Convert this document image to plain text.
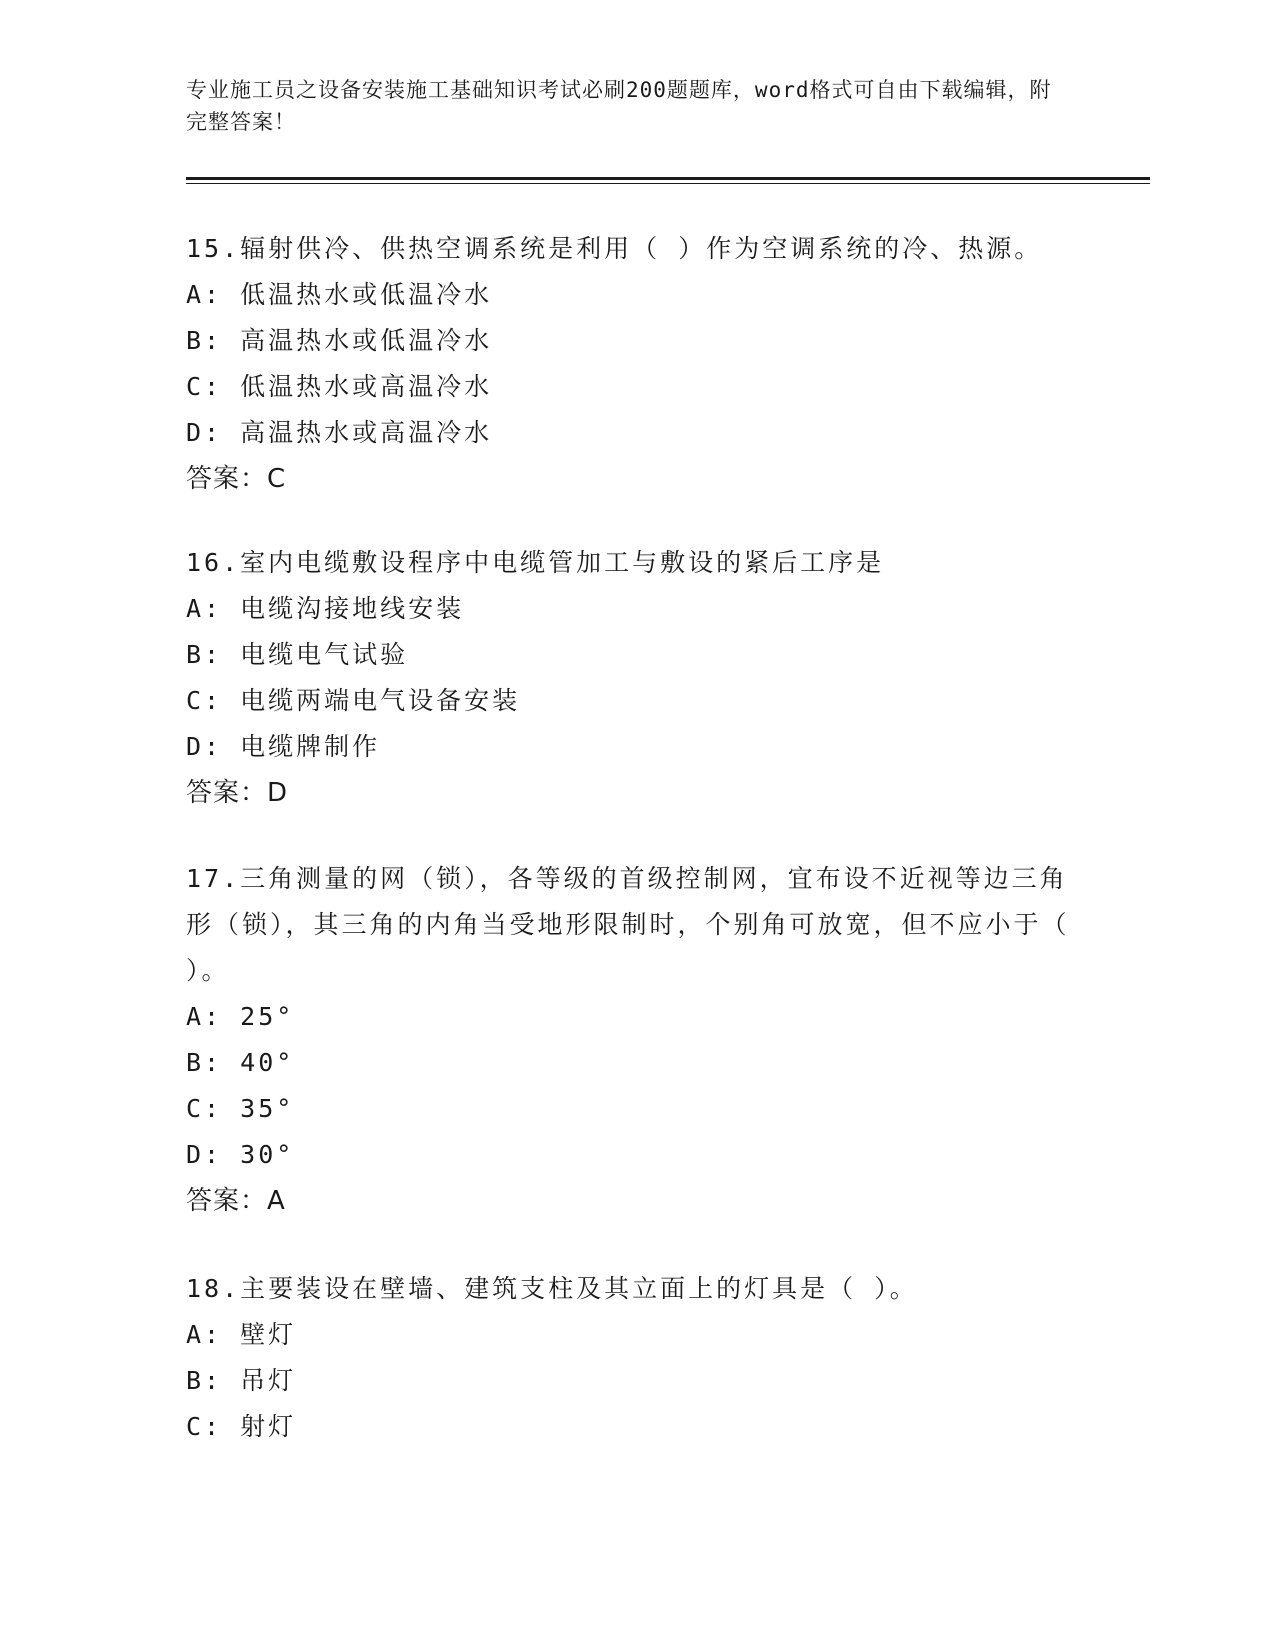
专业施工员之设备安装施工基础知识考试必刷200题题库，word格式可自由下载编辑，附完整答案！
15.辐射供冷、供热空调系统是利用（ ）作为空调系统的冷、热源。
A: 低温热水或低温冷水
B: 高温热水或低温冷水
C: 低温热水或高温冷水
D: 高温热水或高温冷水
答案：C
16.室内电缆敷设程序中电缆管加工与敷设的紧后工序是
A: 电缆沟接地线安装
B: 电缆电气试验
C: 电缆两端电气设备安装
D: 电缆牌制作
答案：D
17.三角测量的网（锁），各等级的首级控制网，宜布设不近视等边三角形（锁），其三角的内角当受地形限制时，个别角可放宽，但不应小于（ ）。
A: 25°
B: 40°
C: 35°
D: 30°
答案：A
18.主要装设在壁墙、建筑支柱及其立面上的灯具是（ ）。
A: 壁灯
B: 吊灯
C: 射灯
